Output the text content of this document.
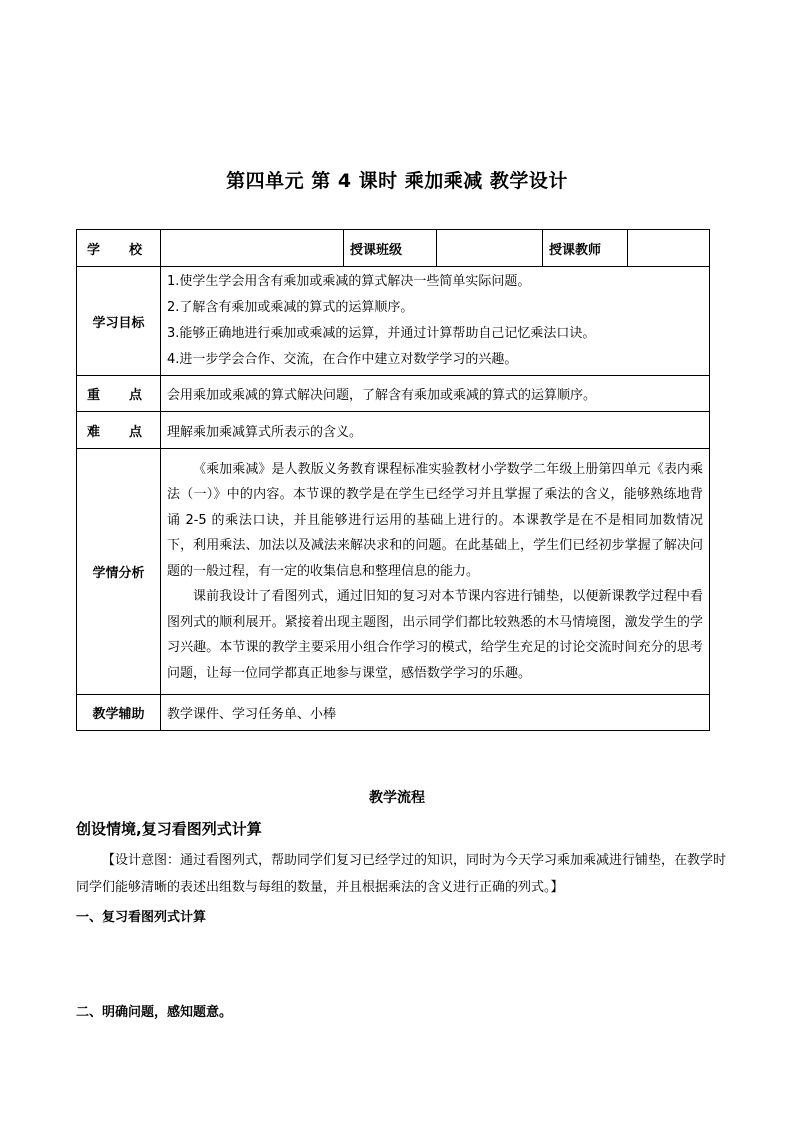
第四单元 第 4 课时 乘加乘减 教学设计
学 校		授课班级		授课教师	
学习目标	1.使学生学会用含有乘加或乘减的算式解决一些简单实际问题。
2.了解含有乘加或乘减的算式的运算顺序。
3.能够正确地进行乘加或乘减的运算，并通过计算帮助自己记忆乘法口诀。
4.进一步学会合作、交流，在合作中建立对数学学习的兴趣。				

重 点	会用乘加或乘减的算式解决问题，了解含有乘加或乘减的算式的运算顺序。				

难 点	理解乘加乘减算式所表示的含义。				
学情分析	《乘加乘减》是人教版义务教育课程标准实验教材小学数学二年级上册第四单元《表内乘法（一）》中的内容。本节课的教学是在学生已经学习并且掌握了乘法的含义，能够熟练地背诵 2-5 的乘法口诀，并且能够进行运用的基础上进行的。本课教学是在不是相同加数情况下，利用乘法、加法以及减法来解决求和的问题。在此基础上，学生们已经初步掌握了解决问题的一般过程，有一定的收集信息和整理信息的能力。

课前我设计了看图列式，通过旧知的复习对本节课内容进行铺垫，以便新课教学过程中看图列式的顺利展开。紧接着出现主题图，出示同学们都比较熟悉的木马情境图，激发学生的学习兴趣。本节课的教学主要采用小组合作学习的模式，给学生充足的讨论交流时间充分的思考问题，让每一位同学都真正地参与课堂，感悟数学学习的乐趣。				

教学辅助	教学课件、学习任务单、小棒				
教学流程
创设情境,复习看图列式计算
【设计意图：通过看图列式，帮助同学们复习已经学过的知识，同时为今天学习乘加乘减进行铺垫，在教学时同学们能够清晰的表述出组数与每组的数量，并且根据乘法的含义进行正确的列式。】
一、复习看图列式计算
二、明确问题，感知题意。
